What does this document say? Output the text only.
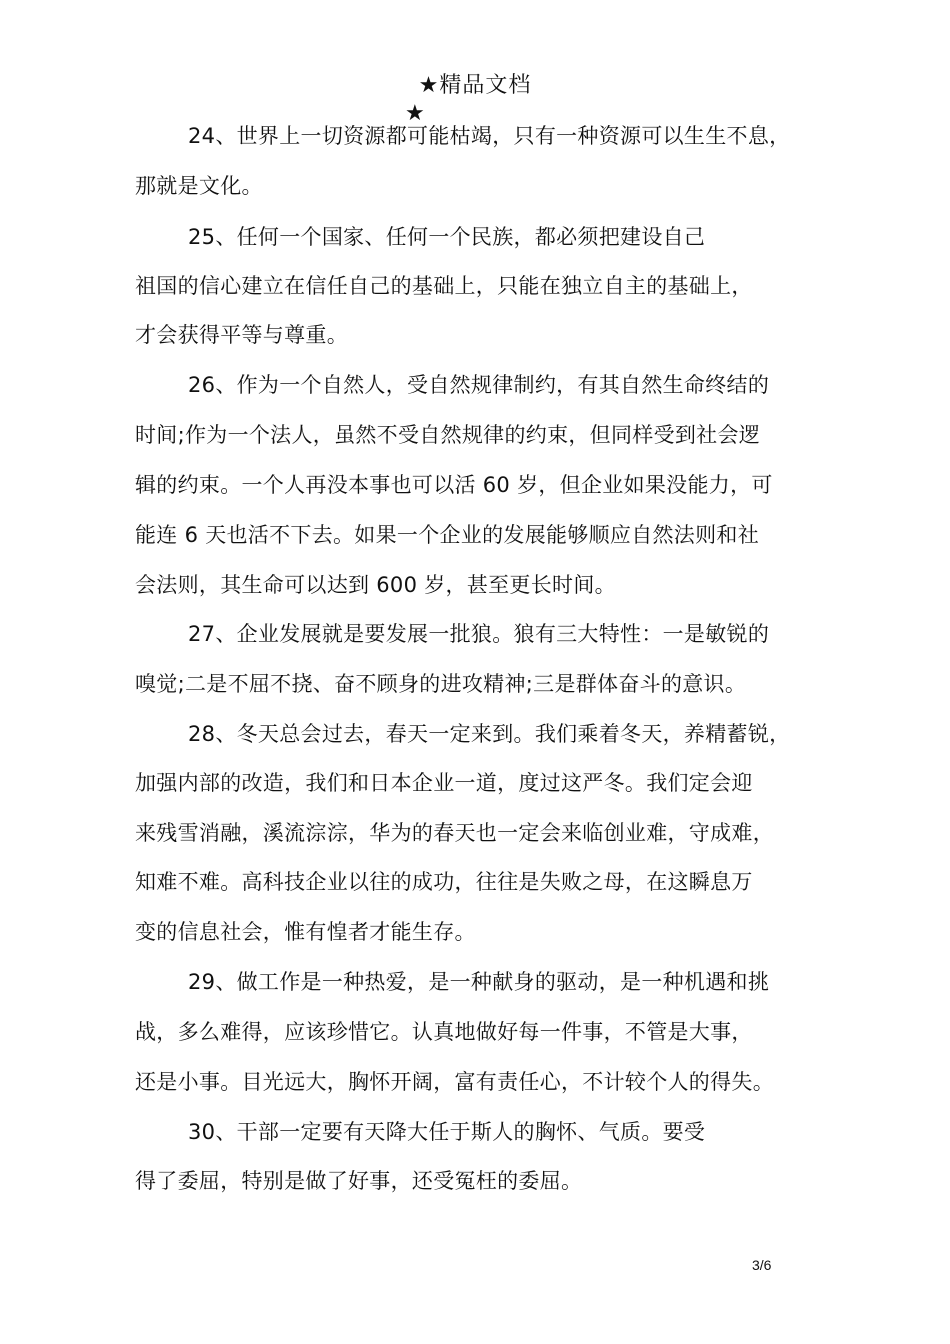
★精品文档
★
24、世界上一切资源都可能枯竭，只有一种资源可以生生不息，
那就是文化。
25、任何一个国家、任何一个民族，都必须把建设自己
祖国的信心建立在信任自己的基础上，只能在独立自主的基础上，
才会获得平等与尊重。
26、作为一个自然人，受自然规律制约，有其自然生命终结的
时间;作为一个法人，虽然不受自然规律的约束，但同样受到社会逻
辑的约束。一个人再没本事也可以活 60 岁，但企业如果没能力，可
能连 6 天也活不下去。如果一个企业的发展能够顺应自然法则和社
会法则，其生命可以达到 600 岁，甚至更长时间。
27、企业发展就是要发展一批狼。狼有三大特性：一是敏锐的
嗅觉;二是不屈不挠、奋不顾身的进攻精神;三是群体奋斗的意识。
28、冬天总会过去，春天一定来到。我们乘着冬天，养精蓄锐，
加强内部的改造，我们和日本企业一道，度过这严冬。我们定会迎
来残雪消融，溪流淙淙，华为的春天也一定会来临创业难，守成难，
知难不难。高科技企业以往的成功，往往是失败之母，在这瞬息万
变的信息社会，惟有惶者才能生存。
29、做工作是一种热爱，是一种献身的驱动，是一种机遇和挑
战，多么难得，应该珍惜它。认真地做好每一件事，不管是大事，
还是小事。目光远大，胸怀开阔，富有责任心，不计较个人的得失。
30、干部一定要有天降大任于斯人的胸怀、气质。要受
得了委屈，特别是做了好事，还受冤枉的委屈。
3/6
